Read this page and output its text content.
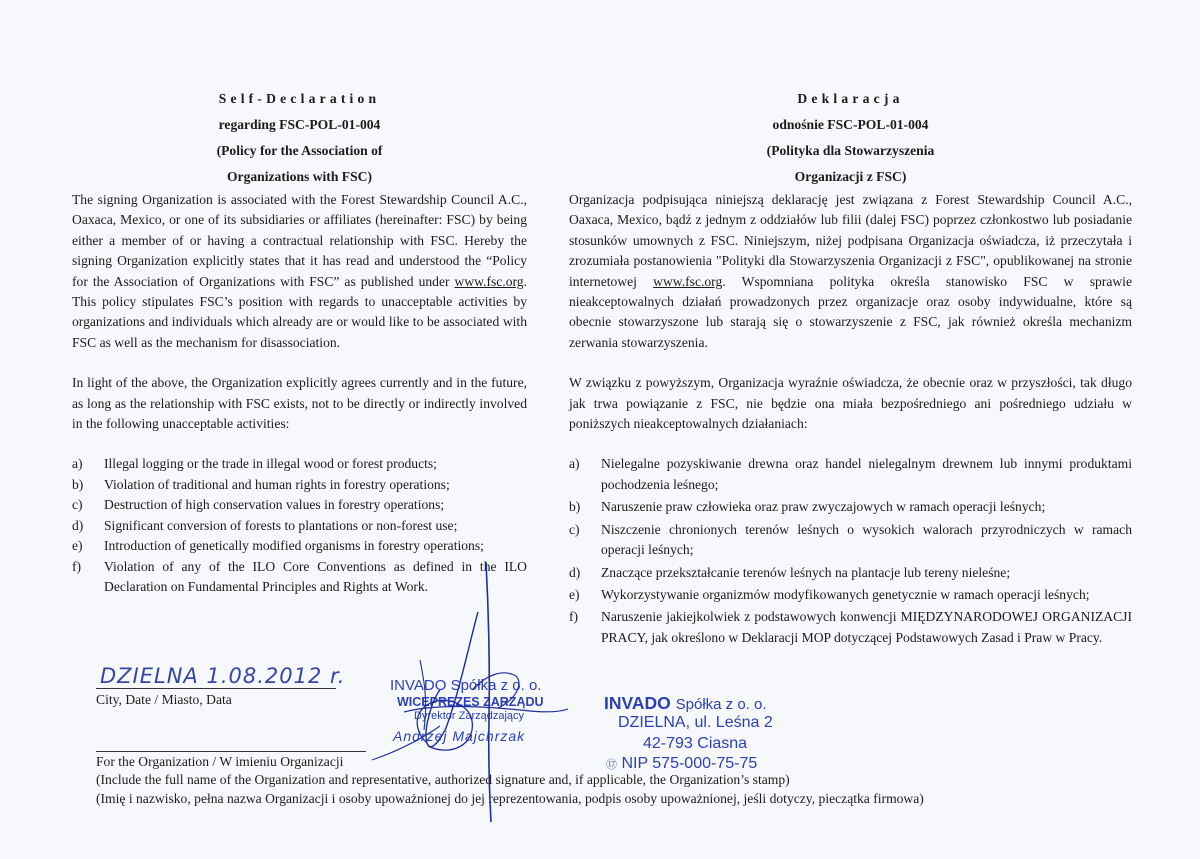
Self-Declaration
regarding FSC-POL-01-004
(Policy for the Association of
Organizations with FSC)

The signing Organization is associated with the Forest Stewardship Council A.C., Oaxaca, Mexico, or one of its subsidiaries or affiliates (hereinafter: FSC) by being either a member of or having a contractual relationship with FSC. Hereby the signing Organization explicitly states that it has read and understood the “Policy for the Association of Organizations with FSC” as published under www.fsc.org. This policy stipulates FSC’s position with regards to unacceptable activities by organizations and individuals which already are or would like to be associated with FSC as well as the mechanism for disassociation.

In light of the above, the Organization explicitly agrees currently and in the future, as long as the relationship with FSC exists, not to be directly or indirectly involved in the following unacceptable activities:

a)	Illegal logging or the trade in illegal wood or forest products;
b)	Violation of traditional and human rights in forestry operations;
c)	Destruction of high conservation values in forestry operations;
d)	Significant conversion of forests to plantations or non-forest use;
e)	Introduction of genetically modified organisms in forestry operations;
f)	Violation of any of the ILO Core Conventions as defined in the ILO Declaration on Fundamental Principles and Rights at Work.
Deklaracja
odnośnie FSC-POL-01-004
(Polityka dla Stowarzyszenia
Organizacji z FSC)

Organizacja podpisująca niniejszą deklarację jest związana z Forest Stewardship Council A.C., Oaxaca, Mexico, bądź z jednym z oddziałów lub filii (dalej FSC) poprzez członkostwo lub posiadanie stosunków umownych z FSC. Niniejszym, niżej podpisana Organizacja oświadcza, iż przeczytała i zrozumiała postanowienia "Polityki dla Stowarzyszenia Organizacji z FSC", opublikowanej na stronie internetowej www.fsc.org. Wspomniana polityka określa stanowisko FSC w sprawie nieakceptowalnych działań prowadzonych przez organizacje oraz osoby indywidualne, które są obecnie stowarzyszone lub starają się o stowarzyszenie z FSC, jak również określa mechanizm zerwania stowarzyszenia.

W związku z powyższym, Organizacja wyraźnie oświadcza, że obecnie oraz w przyszłości, tak długo jak trwa powiązanie z FSC, nie będzie ona miała bezpośredniego ani pośredniego udziału w poniższych nieakceptowalnych działaniach:

a)	Nielegalne pozyskiwanie drewna oraz handel nielegalnym drewnem lub innymi produktami pochodzenia leśnego;
b)	Naruszenie praw człowieka oraz praw zwyczajowych w ramach operacji leśnych;
c)	Niszczenie chronionych terenów leśnych o wysokich walorach przyrodniczych w ramach operacji leśnych;
d)	Znaczące przekształcanie terenów leśnych na plantacje lub tereny nieleśne;
e)	Wykorzystywanie organizmów modyfikowanych genetycznie w ramach operacji leśnych;
f)	Naruszenie jakiejkolwiek z podstawowych konwencji MIĘDZYNARODOWEJ ORGANIZACJI PRACY, jak określono w Deklaracji MOP dotyczącej Podstawowych Zasad i Praw w Pracy.
DZIELNA 1.08.2012 r.
City, Date / Miasto, Data
For the Organization / W imieniu Organizacji
(Include the full name of the Organization and representative, authorized signature and, if applicable, the Organization’s stamp)
(Imię i nazwisko, pełna nazwa Organizacji i osoby upoważnionej do jej reprezentowania, podpis osoby upoważnionej, jeśli dotyczy, pieczątka firmowa)
INVADO Spółka z o. o.
WICEPREZES ZARZĄDU
Dyrektor Zarządzający
Andrzej Majchrzak
INVADO Spółka z o. o.
DZIELNA, ul. Leśna 2
42-793 Ciasna
⑰ NIP 575-000-75-75
